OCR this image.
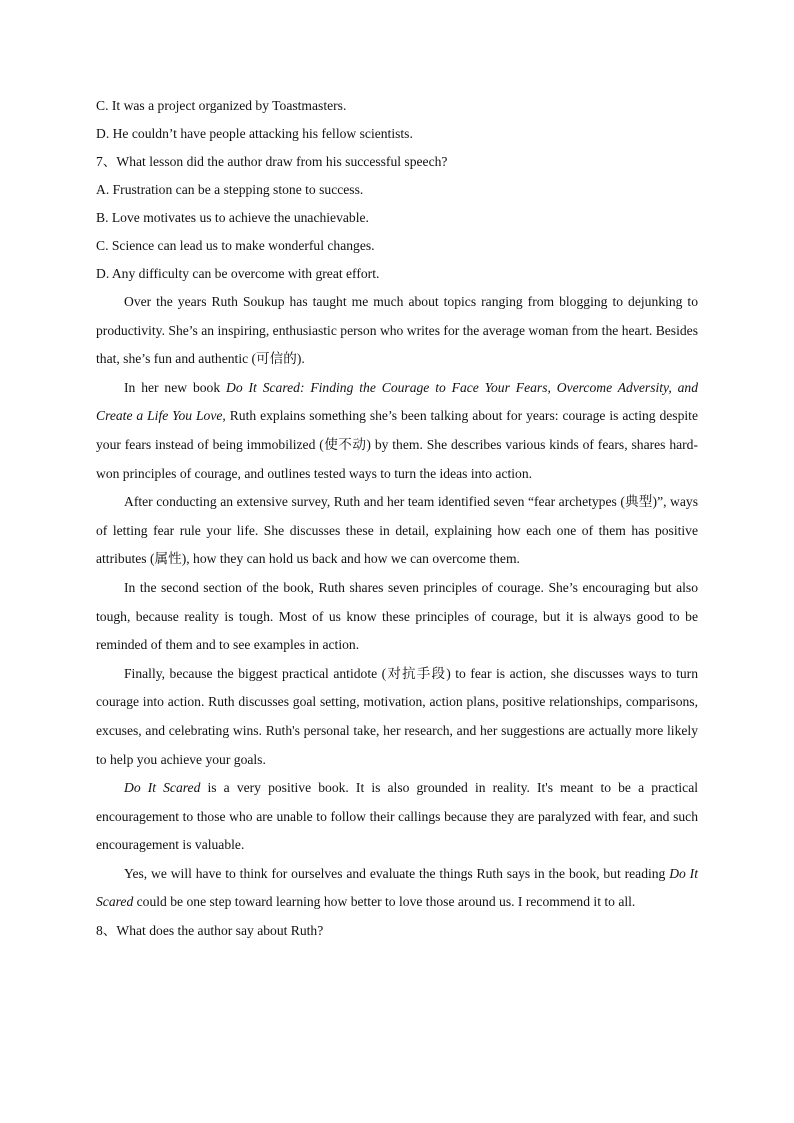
C. It was a project organized by Toastmasters.

D. He couldn’t have people attacking his fellow scientists.

7、What lesson did the author draw from his successful speech?

A. Frustration can be a stepping stone to success.

B. Love motivates us to achieve the unachievable.

C. Science can lead us to make wonderful changes.

D. Any difficulty can be overcome with great effort.

Over the years Ruth Soukup has taught me much about topics ranging from blogging to dejunking to productivity. She’s an inspiring, enthusiastic person who writes for the average woman from the heart. Besides that, she’s fun and authentic (可信的).

In her new book Do It Scared: Finding the Courage to Face Your Fears, Overcome Adversity, and Create a Life You Love, Ruth explains something she’s been talking about for years: courage is acting despite your fears instead of being immobilized (使不动) by them. She describes various kinds of fears, shares hard-won principles of courage, and outlines tested ways to turn the ideas into action.

After conducting an extensive survey, Ruth and her team identified seven “fear archetypes (典型)”, ways of letting fear rule your life. She discusses these in detail, explaining how each one of them has positive attributes (属性), how they can hold us back and how we can overcome them.

In the second section of the book, Ruth shares seven principles of courage. She’s encouraging but also tough, because reality is tough. Most of us know these principles of courage, but it is always good to be reminded of them and to see examples in action.

Finally, because the biggest practical antidote (对抗手段) to fear is action, she discusses ways to turn courage into action. Ruth discusses goal setting, motivation, action plans, positive relationships, comparisons, excuses, and celebrating wins. Ruth's personal take, her research, and her suggestions are actually more likely to help you achieve your goals.

Do It Scared is a very positive book. It is also grounded in reality. It's meant to be a practical encouragement to those who are unable to follow their callings because they are paralyzed with fear, and such encouragement is valuable.

Yes, we will have to think for ourselves and evaluate the things Ruth says in the book, but reading Do It Scared could be one step toward learning how better to love those around us. I recommend it to all.

8、What does the author say about Ruth?
